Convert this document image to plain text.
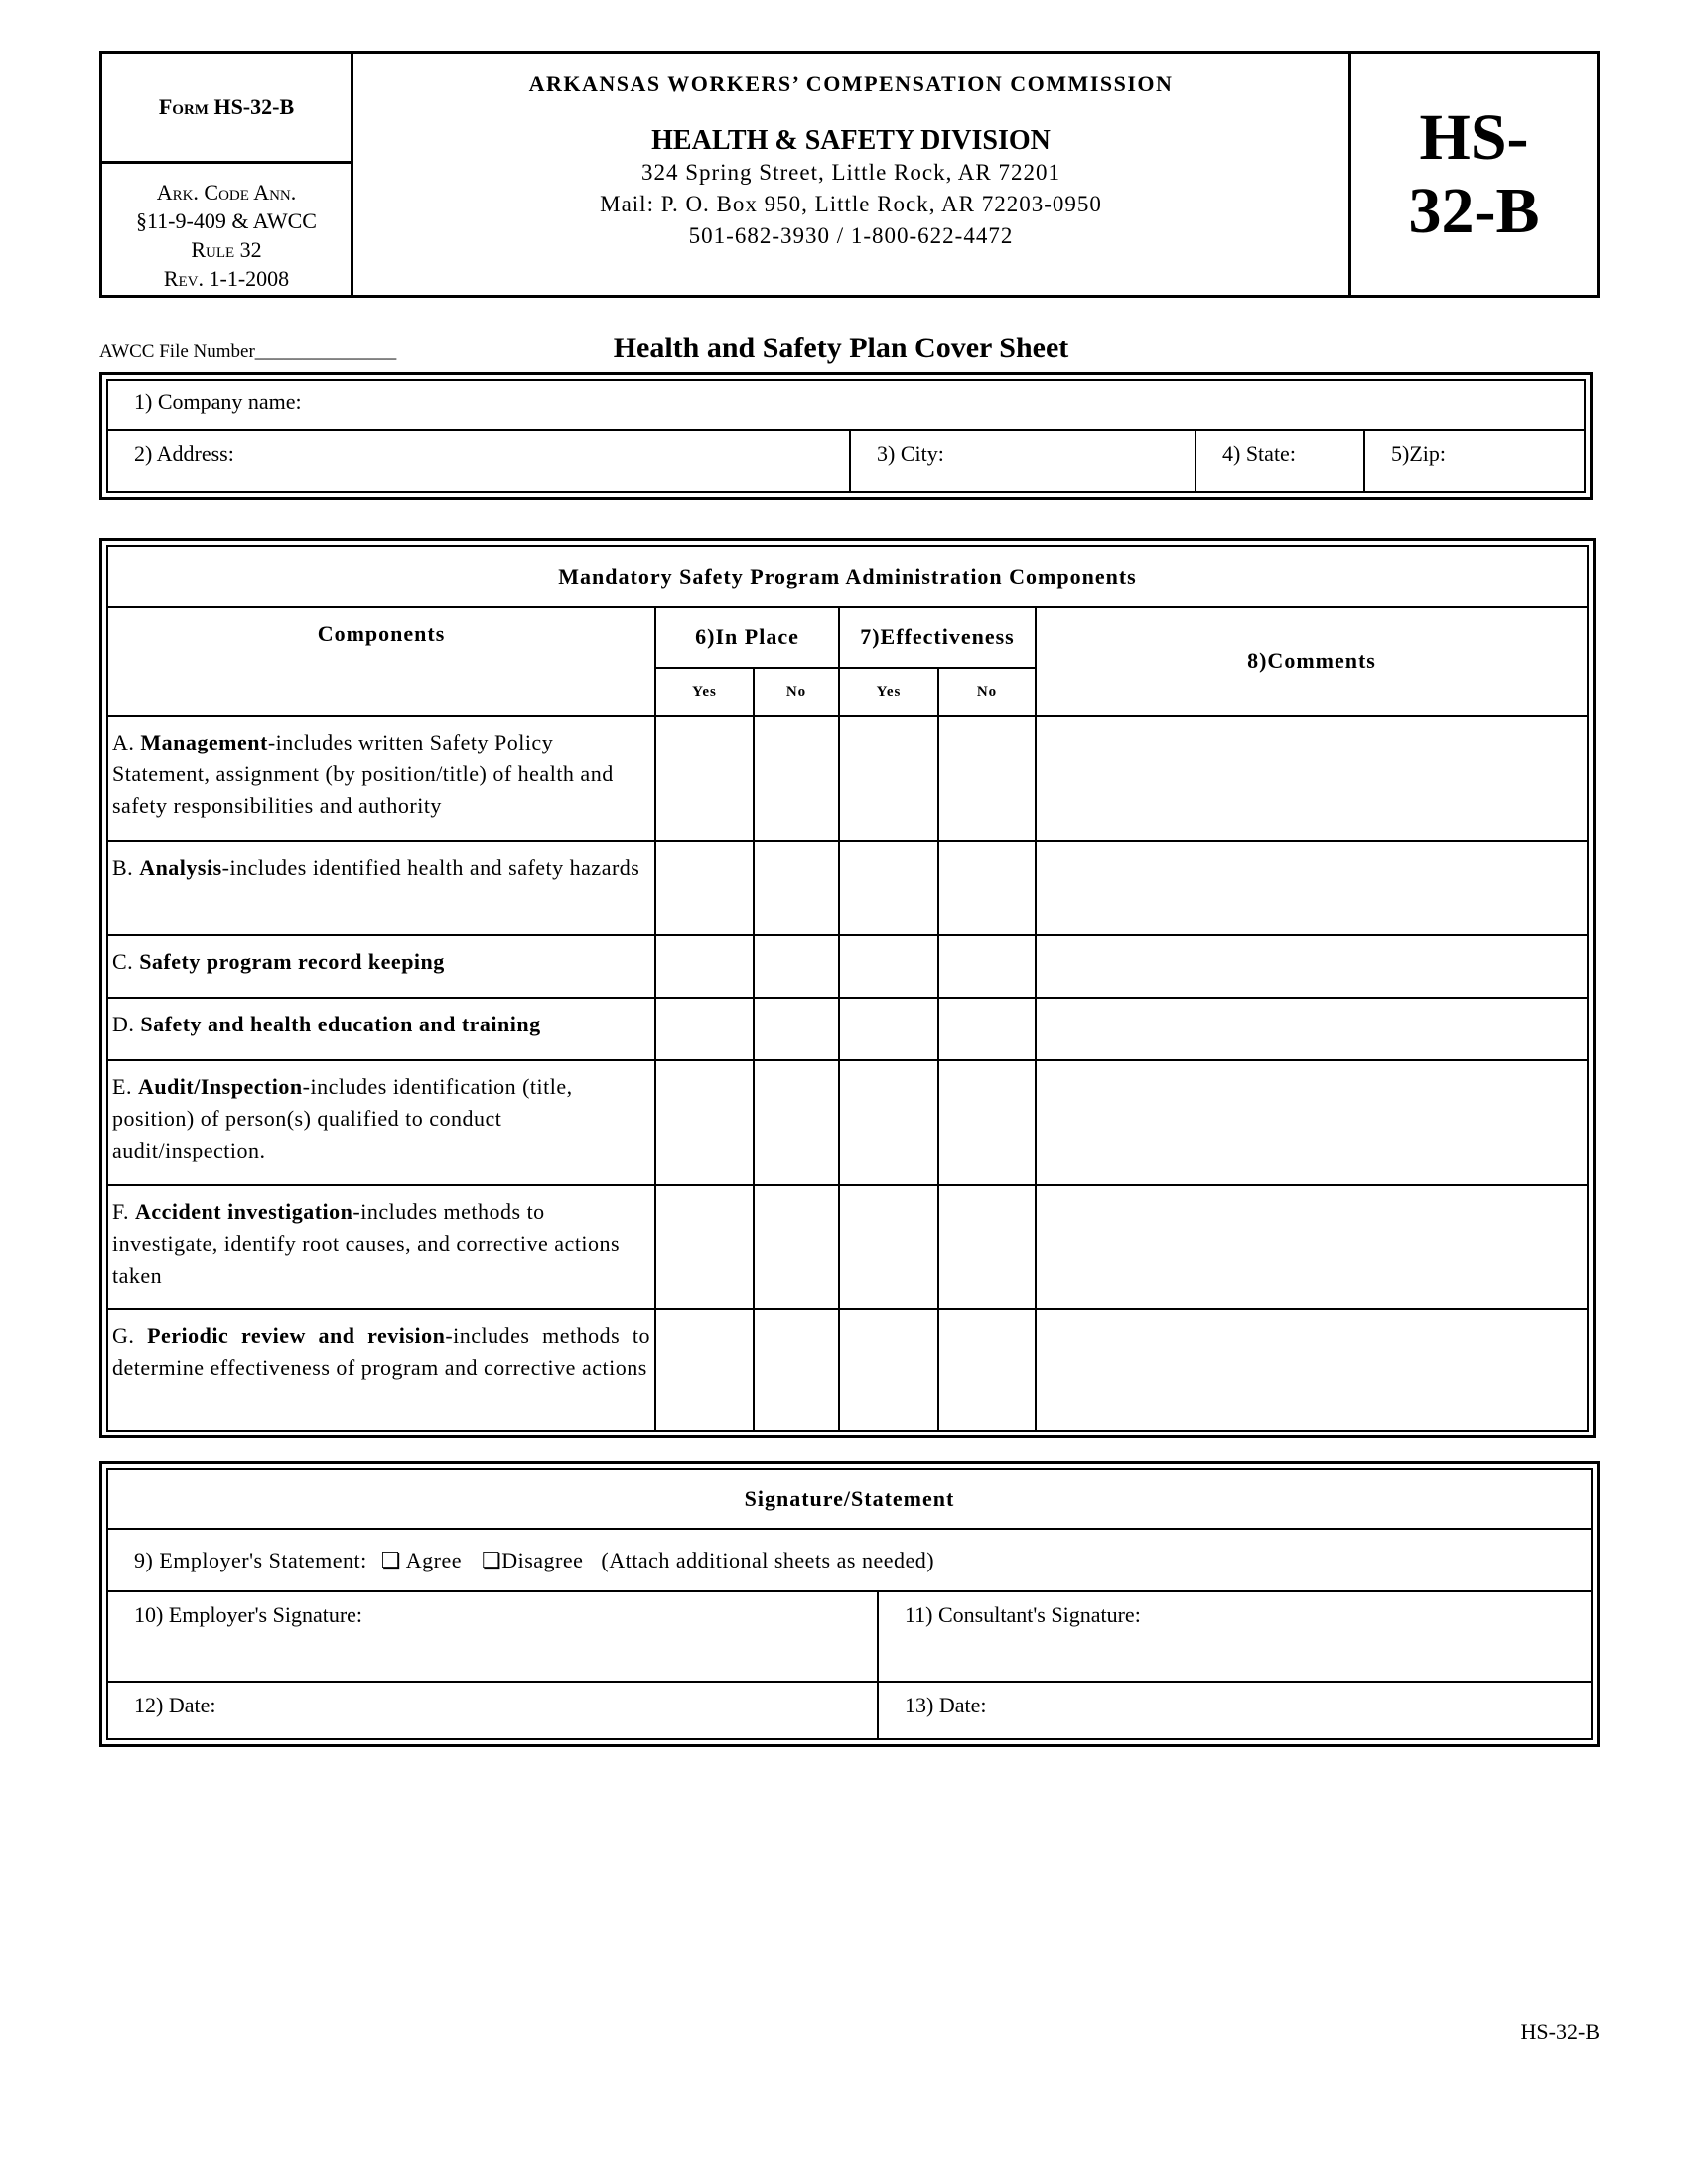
Form HS-32-B
Ark. Code Ann.
§11-9-409 & AWCC
Rule 32
Rev. 1-1-2008
ARKANSAS WORKERS’ COMPENSATION COMMISSION
HEALTH & SAFETY DIVISION
324 Spring Street, Little Rock, AR 72201
Mail: P. O. Box 950, Little Rock, AR 72203-0950
501-682-3930 / 1-800-622-4472
HS-
32-B
AWCC File Number_______________	Health and Safety Plan Cover Sheet
1) Company name:
2) Address:	3) City:	4) State:	5)Zip:
Mandatory Safety Program Administration Components					
Components	6)In Place		7)Effectiveness		8)Comments
	Yes	No	Yes	No	
A. Management-includes written Safety Policy Statement, assignment (by position/title) of health and safety responsibilities and authority					
B. Analysis-includes identified health and safety hazards					
C. Safety program record keeping					
D. Safety and health education and training					
E. Audit/Inspection-includes identification (title, position) of person(s) qualified to conduct audit/inspection.					
F. Accident investigation-includes methods to investigate, identify root causes, and corrective actions taken					
G. Periodic review and revision-includes methods to determine effectiveness of program and corrective actions					
Signature/Statement	
9) Employer's Statement: ❏ Agree ❏Disagree (Attach additional sheets as needed)	
10) Employer's Signature:	11) Consultant's Signature:
12) Date:	13) Date:
HS-32-B
